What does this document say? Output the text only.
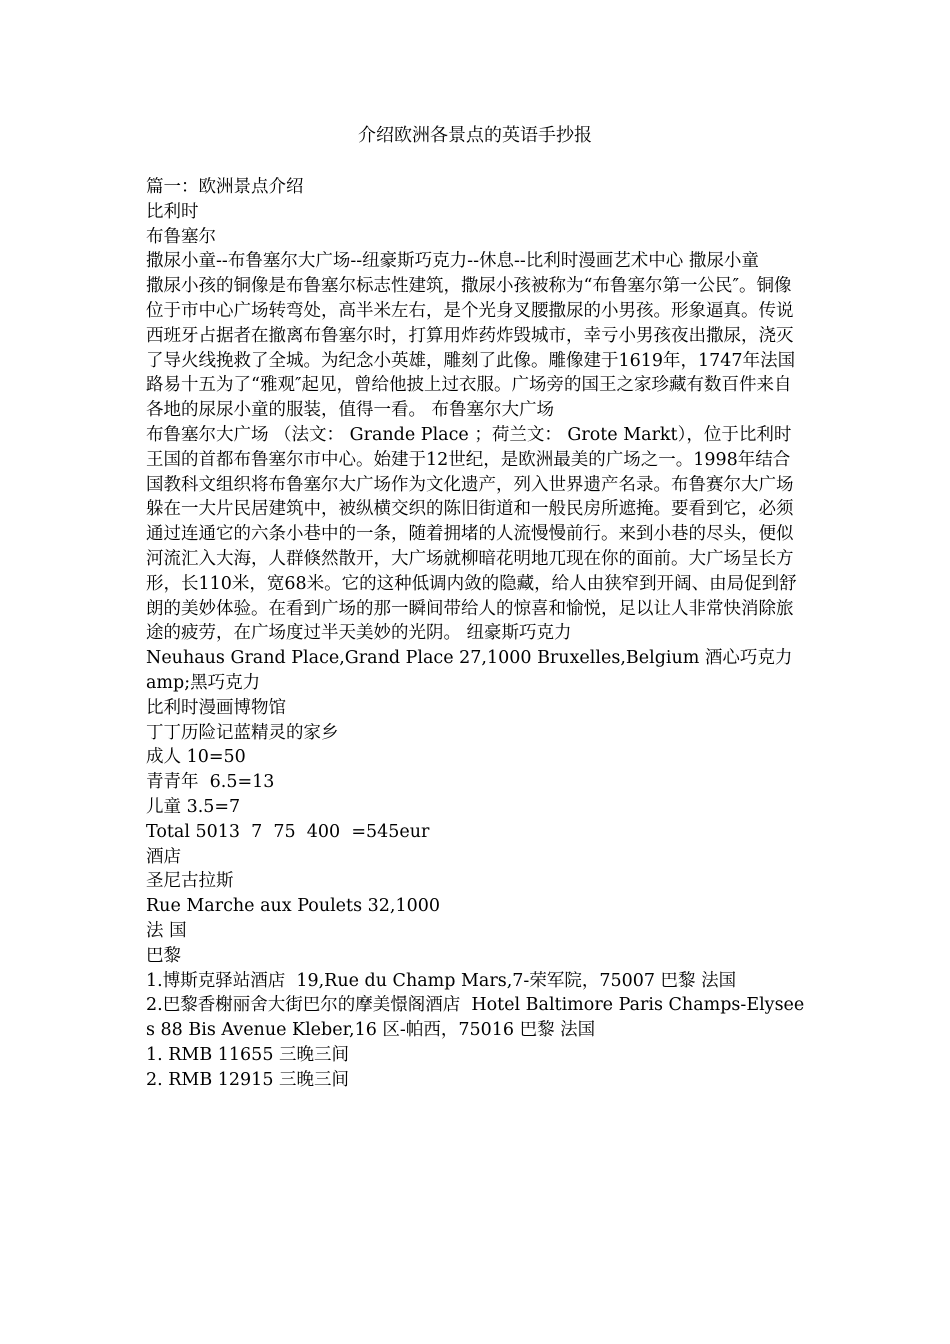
介绍欧洲各景点的英语手抄报

篇一：欧洲景点介绍

比利时

布鲁塞尔

撒尿小童--布鲁塞尔大广场--纽豪斯巧克力--休息--比利时漫画艺术中心 撒尿小童

撒尿小孩的铜像是布鲁塞尔标志性建筑，撒尿小孩被称为“布鲁塞尔第一公民″。铜像位于市中心广场转弯处，高半米左右，是个光身叉腰撒尿的小男孩。形象逼真。传说西班牙占据者在撤离布鲁塞尔时，打算用炸药炸毁城市，幸亏小男孩夜出撒尿，浇灭了导火线挽救了全城。为纪念小英雄，雕刻了此像。雕像建于1619年，1747年法国路易十五为了“雅观″起见，曾给他披上过衣服。广场旁的国王之家珍藏有数百件来自各地的尿尿小童的服装，值得一看。 布鲁塞尔大广场

布鲁塞尔大广场 （法文： Grande Place ；荷兰文： Grote Markt），位于比利时王国的首都布鲁塞尔市中心。始建于12世纪，是欧洲最美的广场之一。1998年结合国教科文组织将布鲁塞尔大广场作为文化遗产，列入世界遗产名录。布鲁赛尔大广场躲在一大片民居建筑中，被纵横交织的陈旧街道和一般民房所遮掩。要看到它，必须通过连通它的六条小巷中的一条，随着拥堵的人流慢慢前行。来到小巷的尽头，便似河流汇入大海，人群倏然散开，大广场就柳暗花明地兀现在你的面前。大广场呈长方形，长110米，宽68米。它的这种低调内敛的隐藏，给人由狭窄到开阔、由局促到舒朗的美妙体验。在看到广场的那一瞬间带给人的惊喜和愉悦，足以让人非常快消除旅途的疲劳，在广场度过半天美妙的光阴。 纽豪斯巧克力

Neuhaus Grand Place,Grand Place 27,1000 Bruxelles,Belgium 酒心巧克力 amp;黑巧克力

比利时漫画博物馆

丁丁历险记蓝精灵的家乡

成人 10=50

青青年  6.5=13

儿童 3.5=7

Total 5013  7  75  400  =545eur

酒店

圣尼古拉斯

Rue Marche aux Poulets 32,1000

法 国

巴黎

1.博斯克驿站酒店  19,Rue du Champ Mars,7-荣军院，75007 巴黎 法国

2.巴黎香榭丽舍大街巴尔的摩美憬阁酒店  Hotel Baltimore Paris Champs-Elysees 88 Bis Avenue Kleber,16 区-帕西，75016 巴黎 法国

1. RMB 11655 三晚三间

2. RMB 12915 三晚三间
